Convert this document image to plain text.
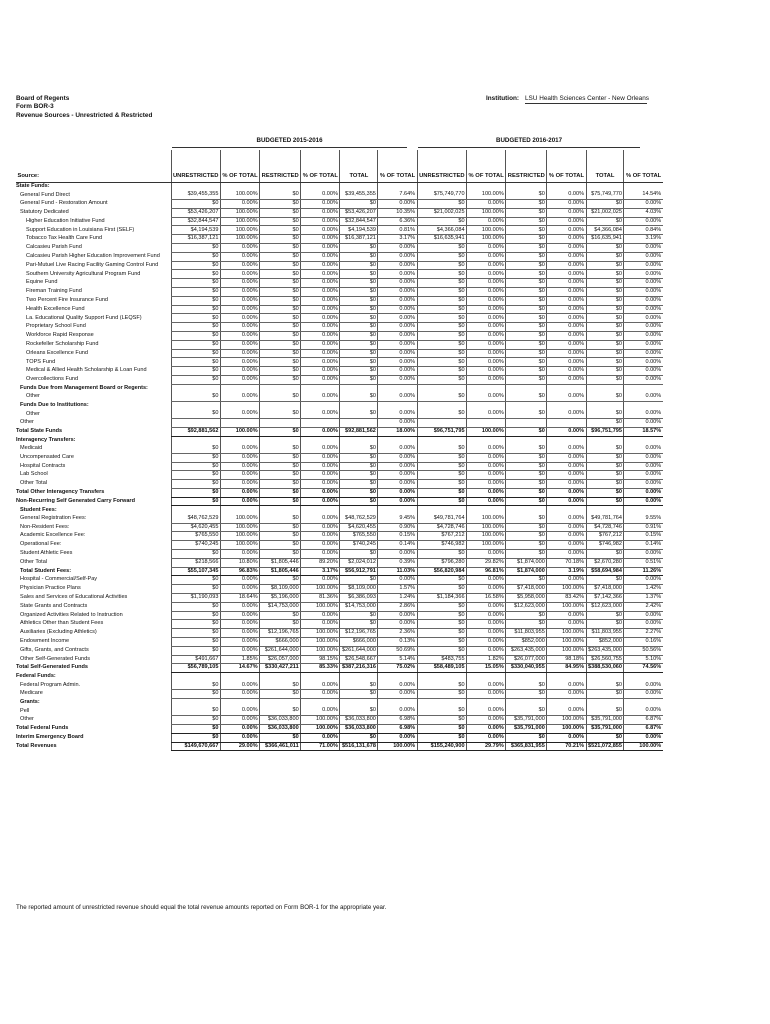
Board of Regents
Form BOR-3
Revenue Sources - Unrestricted & Restricted
Institution: LSU Health Sciences Center - New Orleans
BUDGETED 2015-2016	BUDGETED 2016-2017
Source:	UNRESTRICTED	% OF TOTAL	RESTRICTED	% OF TOTAL	TOTAL	% OF TOTAL	UNRESTRICTED	% OF TOTAL	RESTRICTED	% OF TOTAL	TOTAL	% OF TOTAL
State Funds:												
General Fund Direct	$39,455,355	100.00%	$0	0.00%	$39,455,355	7.64%	$75,749,770	100.00%	$0	0.00%	$75,749,770	14.54%
General Fund - Restoration Amount	$0	0.00%	$0	0.00%	$0	0.00%	$0	0.00%	$0	0.00%	$0	0.00%
Statutory Dedicated	$53,426,207	100.00%	$0	0.00%	$53,426,207	10.35%	$21,002,025	100.00%	$0	0.00%	$21,002,025	4.03%
Higher Education Initiative Fund	$32,844,547	100.00%	$0	0.00%	$32,844,547	6.36%	$0	0.00%	$0	0.00%	$0	0.00%
Support Education in Louisiana First (SELF)	$4,194,539	100.00%	$0	0.00%	$4,194,539	0.81%	$4,366,084	100.00%	$0	0.00%	$4,366,084	0.84%
Tobacco Tax Health Care Fund	$16,387,121	100.00%	$0	0.00%	$16,387,121	3.17%	$16,635,941	100.00%	$0	0.00%	$16,635,941	3.19%
Calcasieu Parish Fund	$0	0.00%	$0	0.00%	$0	0.00%	$0	0.00%	$0	0.00%	$0	0.00%
Calcasieu Parish Higher Education Improvement Fund	$0	0.00%	$0	0.00%	$0	0.00%	$0	0.00%	$0	0.00%	$0	0.00%
Pari-Mutuel Live Racing Facility Gaming Control Fund	$0	0.00%	$0	0.00%	$0	0.00%	$0	0.00%	$0	0.00%	$0	0.00%
Southern University Agricultural Program Fund	$0	0.00%	$0	0.00%	$0	0.00%	$0	0.00%	$0	0.00%	$0	0.00%
Equine Fund	$0	0.00%	$0	0.00%	$0	0.00%	$0	0.00%	$0	0.00%	$0	0.00%
Fireman Training Fund	$0	0.00%	$0	0.00%	$0	0.00%	$0	0.00%	$0	0.00%	$0	0.00%
Two Percent Fire Insurance Fund	$0	0.00%	$0	0.00%	$0	0.00%	$0	0.00%	$0	0.00%	$0	0.00%
Health Excellence Fund	$0	0.00%	$0	0.00%	$0	0.00%	$0	0.00%	$0	0.00%	$0	0.00%
La. Educational Quality Support Fund (LEQSF)	$0	0.00%	$0	0.00%	$0	0.00%	$0	0.00%	$0	0.00%	$0	0.00%
Proprietary School Fund	$0	0.00%	$0	0.00%	$0	0.00%	$0	0.00%	$0	0.00%	$0	0.00%
Workforce Rapid Response	$0	0.00%	$0	0.00%	$0	0.00%	$0	0.00%	$0	0.00%	$0	0.00%
Rockefeller Scholarship Fund	$0	0.00%	$0	0.00%	$0	0.00%	$0	0.00%	$0	0.00%	$0	0.00%
Orleans Excellence Fund	$0	0.00%	$0	0.00%	$0	0.00%	$0	0.00%	$0	0.00%	$0	0.00%
TOPS Fund	$0	0.00%	$0	0.00%	$0	0.00%	$0	0.00%	$0	0.00%	$0	0.00%
Medical & Allied Health Scholarship & Loan Fund	$0	0.00%	$0	0.00%	$0	0.00%	$0	0.00%	$0	0.00%	$0	0.00%
Overcollections Fund	$0	0.00%	$0	0.00%	$0	0.00%	$0	0.00%	$0	0.00%	$0	0.00%
Funds Due from Management Board or Regents:												
Other	$0	0.00%	$0	0.00%	$0	0.00%	$0	0.00%	$0	0.00%	$0	0.00%
Funds Due to Institutions:												
Other	$0	0.00%	$0	0.00%	$0	0.00%	$0	0.00%	$0	0.00%	$0	0.00%
Other						0.00%					$0	0.00%
Total State Funds	$92,881,562	100.00%	$0	0.00%	$92,881,562	18.00%	$96,751,795	100.00%	$0	0.00%	$96,751,795	18.57%
Interagency Transfers:												
Medicaid	$0	0.00%	$0	0.00%	$0	0.00%	$0	0.00%	$0	0.00%	$0	0.00%
Uncompensated Care	$0	0.00%	$0	0.00%	$0	0.00%	$0	0.00%	$0	0.00%	$0	0.00%
Hospital Contracts	$0	0.00%	$0	0.00%	$0	0.00%	$0	0.00%	$0	0.00%	$0	0.00%
Lab School	$0	0.00%	$0	0.00%	$0	0.00%	$0	0.00%	$0	0.00%	$0	0.00%
Other Total	$0	0.00%	$0	0.00%	$0	0.00%	$0	0.00%	$0	0.00%	$0	0.00%
Total Other Interagency Transfers	$0	0.00%	$0	0.00%	$0	0.00%	$0	0.00%	$0	0.00%	$0	0.00%
Non-Recurring Self Generated Carry Forward	$0	0.00%	$0	0.00%	$0	0.00%	$0	0.00%	$0	0.00%	$0	0.00%
Student Fees:												
General Registration Fees:	$48,762,529	100.00%	$0	0.00%	$48,762,529	9.45%	$49,781,764	100.00%	$0	0.00%	$49,781,764	9.55%
Non-Resident Fees:	$4,620,455	100.00%	$0	0.00%	$4,620,455	0.90%	$4,728,746	100.00%	$0	0.00%	$4,728,746	0.91%
Academic Excellence Fee:	$765,550	100.00%	$0	0.00%	$765,550	0.15%	$767,212	100.00%	$0	0.00%	$767,212	0.15%
Operational Fee:	$740,245	100.00%	$0	0.00%	$740,245	0.14%	$746,982	100.00%	$0	0.00%	$746,982	0.14%
Student Athletic Fees	$0	0.00%	$0	0.00%	$0	0.00%	$0	0.00%	$0	0.00%	$0	0.00%
Other Total	$218,566	10.80%	$1,805,446	89.20%	$2,024,012	0.39%	$796,280	29.82%	$1,874,000	70.18%	$2,670,280	0.51%
Total Student Fees:	$55,107,345	96.83%	$1,805,446	3.17%	$56,912,791	11.03%	$56,820,984	96.81%	$1,874,000	3.19%	$58,694,984	11.26%
Hospital - Commercial/Self-Pay	$0	0.00%	$0	0.00%	$0	0.00%	$0	0.00%	$0	0.00%	$0	0.00%
Physician Practice Plans	$0	0.00%	$8,109,000	100.00%	$8,109,000	1.57%	$0	0.00%	$7,418,000	100.00%	$7,418,000	1.42%
Sales and Services of Educational Activities	$1,190,093	18.64%	$5,196,000	81.36%	$6,386,093	1.24%	$1,184,366	16.58%	$5,958,000	83.42%	$7,142,366	1.37%
State Grants and Contracts	$0	0.00%	$14,753,000	100.00%	$14,753,000	2.86%	$0	0.00%	$12,623,000	100.00%	$12,623,000	2.42%
Organized Activities Related to Instruction	$0	0.00%	$0	0.00%	$0	0.00%	$0	0.00%	$0	0.00%	$0	0.00%
Athletics Other than Student Fees	$0	0.00%	$0	0.00%	$0	0.00%	$0	0.00%	$0	0.00%	$0	0.00%
Auxiliaries (Excluding Athletics)	$0	0.00%	$12,196,765	100.00%	$12,196,765	2.36%	$0	0.00%	$11,803,955	100.00%	$11,803,955	2.27%
Endowment Income	$0	0.00%	$666,000	100.00%	$666,000	0.13%	$0	0.00%	$852,000	100.00%	$852,000	0.16%
Gifts, Grants, and Contracts	$0	0.00%	$261,644,000	100.00%	$261,644,000	50.69%	$0	0.00%	$263,435,000	100.00%	$263,435,000	50.56%
Other Self-Generated Funds	$491,667	1.85%	$26,057,000	98.15%	$26,548,667	5.14%	$483,755	1.82%	$26,077,000	98.18%	$26,560,755	5.10%
Total Self-Generated Funds	$56,789,105	14.67%	$330,427,211	85.33%	$387,216,316	75.02%	$58,489,105	15.05%	$330,040,955	84.95%	$388,530,060	74.56%
Federal Funds:												
Federal Program Admin.	$0	0.00%	$0	0.00%	$0	0.00%	$0	0.00%	$0	0.00%	$0	0.00%
Medicare	$0	0.00%	$0	0.00%	$0	0.00%	$0	0.00%	$0	0.00%	$0	0.00%
Grants:												
Pell	$0	0.00%	$0	0.00%	$0	0.00%	$0	0.00%	$0	0.00%	$0	0.00%
Other	$0	0.00%	$36,033,800	100.00%	$36,033,800	6.98%	$0	0.00%	$35,791,000	100.00%	$35,791,000	6.87%
Total Federal Funds	$0	0.00%	$36,033,800	100.00%	$36,033,800	6.98%	$0	0.00%	$35,791,000	100.00%	$35,791,000	6.87%
Interim Emergency Board	$0	0.00%	$0	0.00%	$0	0.00%	$0	0.00%	$0	0.00%	$0	0.00%
Total Revenues	$149,670,667	29.00%	$366,461,011	71.00%	$516,131,678	100.00%	$155,240,900	29.79%	$365,831,955	70.21%	$521,072,855	100.00%
The reported amount of unrestricted revenue should equal the total revenue amounts reported on Form BOR-1 for the appropriate year.
